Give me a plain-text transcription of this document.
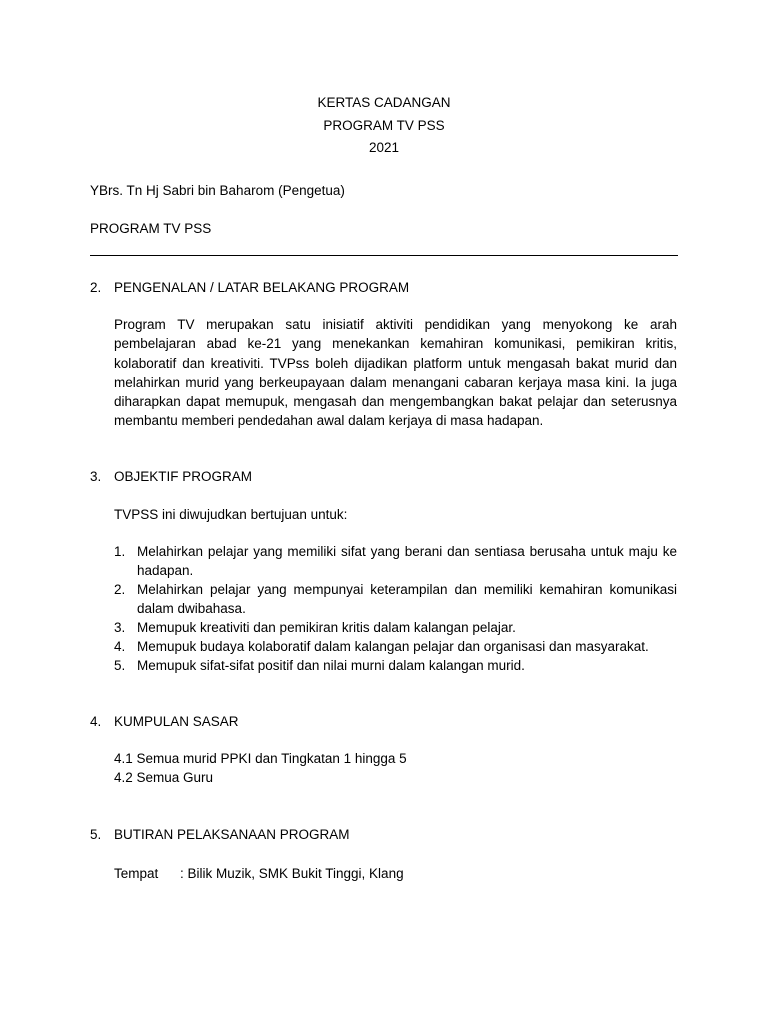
KERTAS CADANGAN
PROGRAM TV PSS
2021
YBrs. Tn Hj Sabri bin Baharom (Pengetua)
PROGRAM TV PSS
2. PENGENALAN / LATAR BELAKANG PROGRAM
Program TV merupakan satu inisiatif aktiviti pendidikan yang menyokong ke arah pembelajaran abad ke-21 yang menekankan kemahiran komunikasi, pemikiran kritis, kolaboratif dan kreativiti. TVPss boleh dijadikan platform untuk mengasah bakat murid dan melahirkan murid yang berkeupayaan dalam menangani cabaran kerjaya masa kini. Ia juga diharapkan dapat memupuk, mengasah dan mengembangkan bakat pelajar dan seterusnya membantu memberi pendedahan awal dalam kerjaya di masa hadapan.
3. OBJEKTIF PROGRAM
TVPSS ini diwujudkan bertujuan untuk:
1. Melahirkan pelajar yang memiliki sifat yang berani dan sentiasa berusaha untuk maju ke hadapan.
2. Melahirkan pelajar yang mempunyai keterampilan dan memiliki kemahiran komunikasi dalam dwibahasa.
3. Memupuk kreativiti dan pemikiran kritis dalam kalangan pelajar.
4. Memupuk budaya kolaboratif dalam kalangan pelajar dan organisasi dan masyarakat.
5. Memupuk sifat-sifat positif dan nilai murni dalam kalangan murid.
4. KUMPULAN SASAR
4.1 Semua murid PPKI dan Tingkatan 1 hingga 5
4.2 Semua Guru
5. BUTIRAN PELAKSANAAN PROGRAM
Tempat : Bilik Muzik, SMK Bukit Tinggi, Klang
